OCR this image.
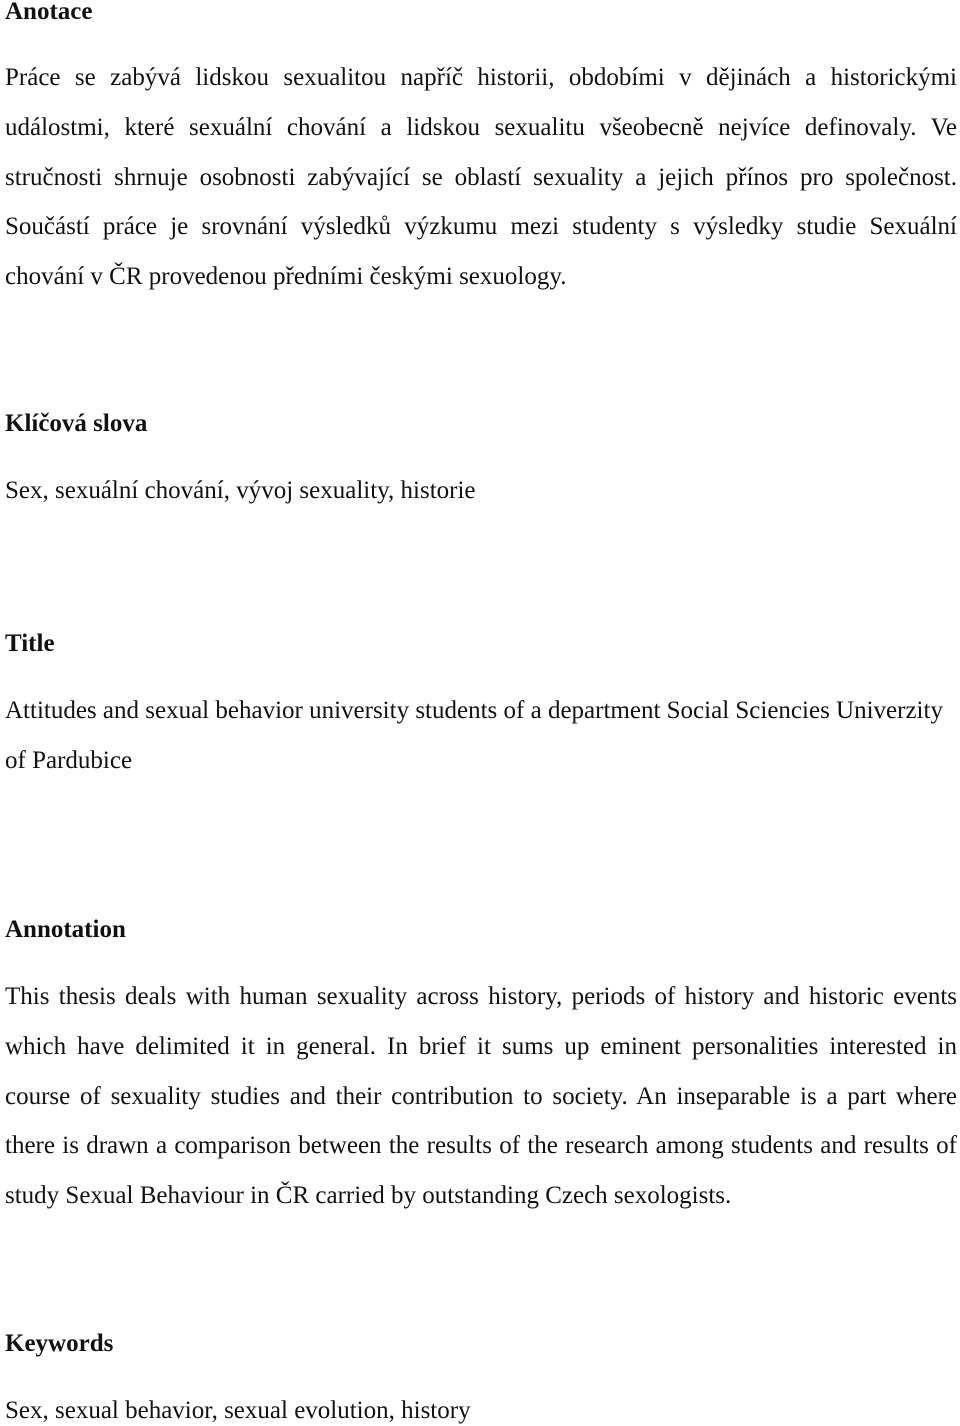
Anotace

Práce se zabývá lidskou sexualitou napříč historii, obdobími v dějinách a historickými událostmi, které sexuální chování a lidskou sexualitu všeobecně nejvíce definovaly. Ve stručnosti shrnuje osobnosti zabývající se oblastí sexuality a jejich přínos pro společnost. Součástí práce je srovnání výsledků výzkumu mezi studenty s výsledky studie Sexuální chování v ČR provedenou předními českými sexuology.

Klíčová slova

Sex, sexuální chování, vývoj sexuality, historie

Title

Attitudes and sexual behavior university students of a department Social Sciencies Univerzity of Pardubice

Annotation

This thesis deals with human sexuality across history, periods of history and historic events which have delimited it in general. In brief it sums up eminent personalities interested in course of sexuality studies and their contribution to society. An inseparable is a part where there is drawn a comparison between the results of the research among students and results of study Sexual Behaviour in ČR carried by outstanding Czech sexologists.

Keywords

Sex, sexual behavior, sexual evolution, history
